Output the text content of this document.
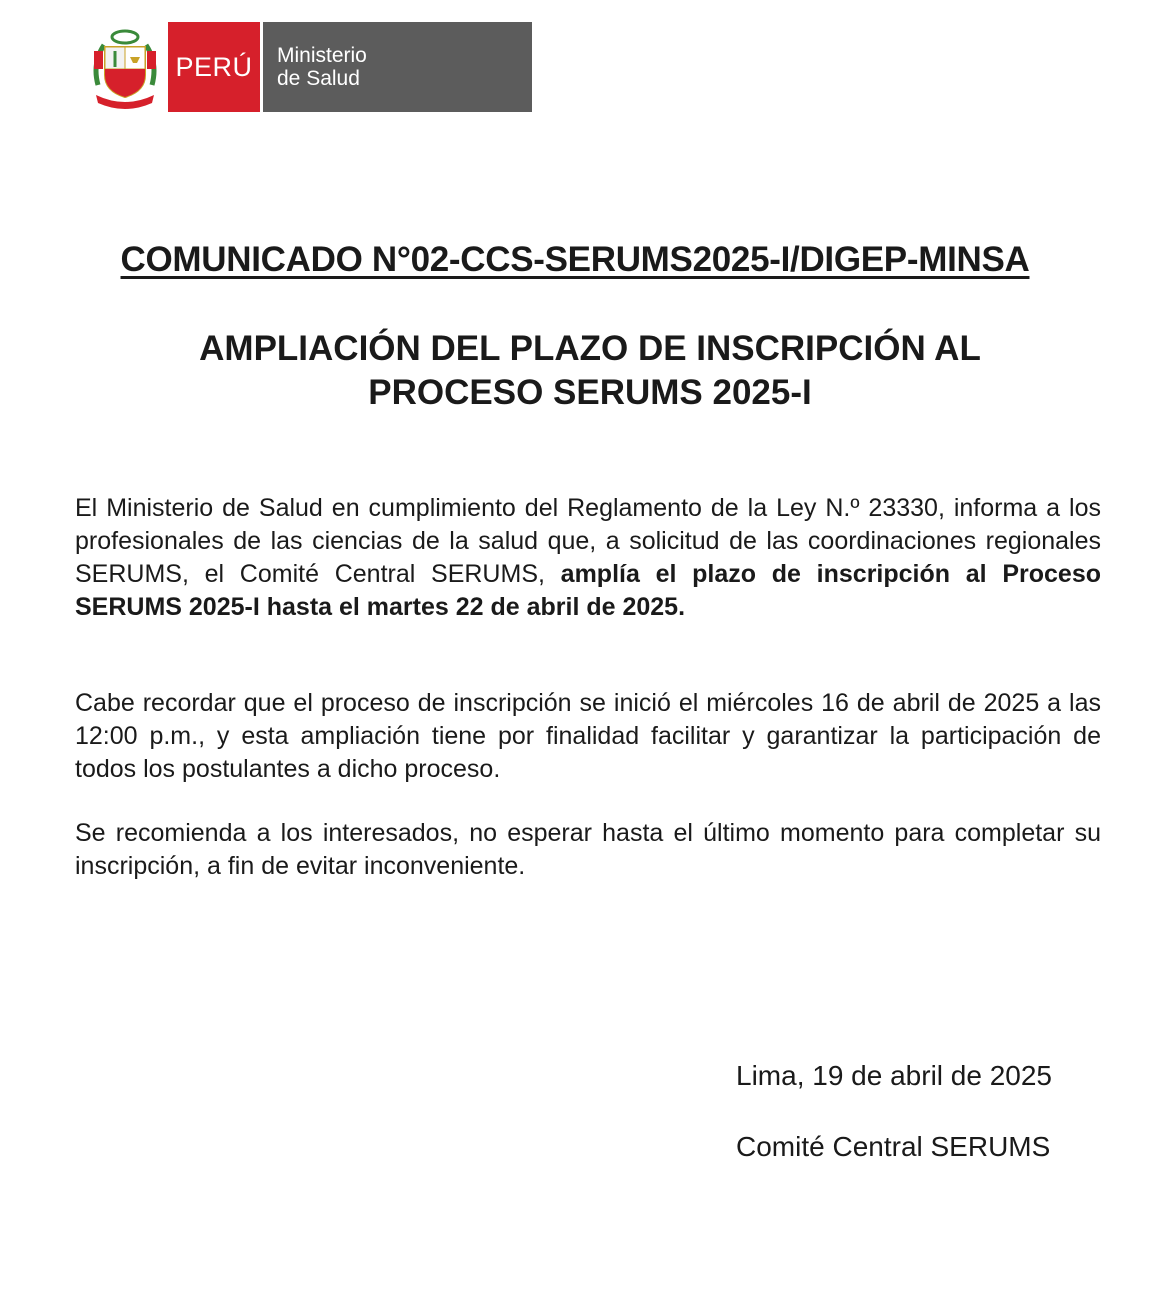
PERÚ Ministerio
de Salud
COMUNICADO N°02-CCS-SERUMS2025-I/DIGEP-MINSA
AMPLIACIÓN DEL PLAZO DE INSCRIPCIÓN AL
PROCESO SERUMS 2025-I

El Ministerio de Salud en cumplimiento del Reglamento de la Ley N.º 23330, informa a los profesionales de las ciencias de la salud que, a solicitud de las coordinaciones regionales SERUMS, el Comité Central SERUMS, amplía el plazo de inscripción al Proceso SERUMS 2025-I hasta el martes 22 de abril de 2025.

Cabe recordar que el proceso de inscripción se inició el miércoles 16 de abril de 2025 a las 12:00 p.m., y esta ampliación tiene por finalidad facilitar y garantizar la participación de todos los postulantes a dicho proceso.

Se recomienda a los interesados, no esperar hasta el último momento para completar su inscripción, a fin de evitar inconveniente.

Lima, 19 de abril de 2025
Comité Central SERUMS
